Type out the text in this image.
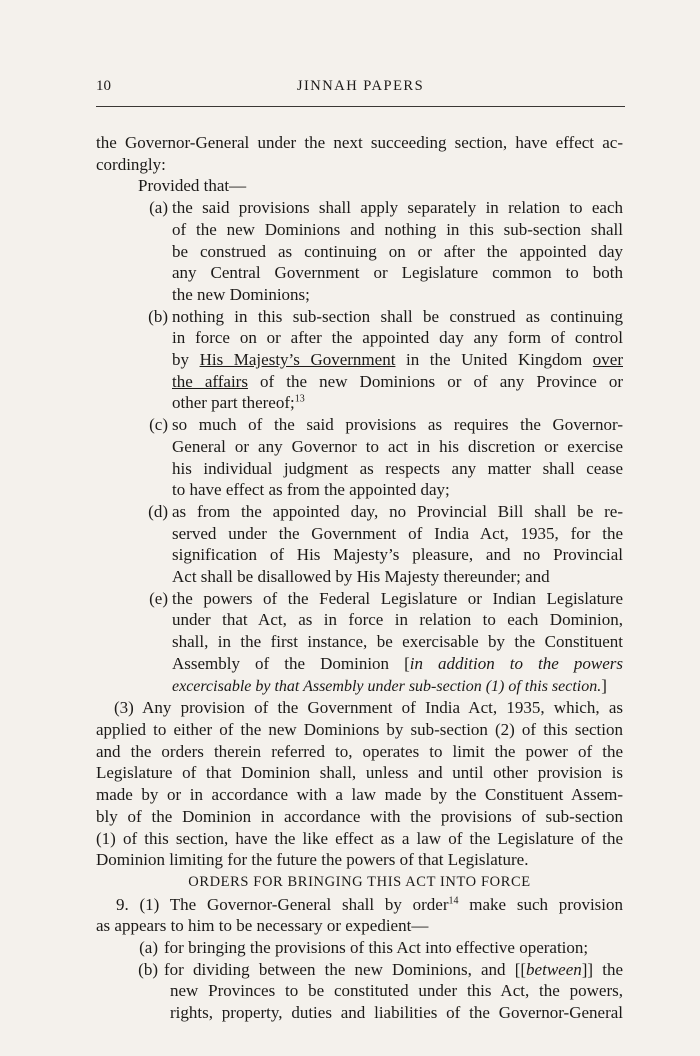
10	JINNAH PAPERS
the Governor-General under the next succeeding section, have effect ac-
cordingly:
Provided that—
(a) the said provisions shall apply separately in relation to each
of the new Dominions and nothing in this sub-section shall
be construed as continuing on or after the appointed day
any Central Government or Legislature common to both
the new Dominions;
(b) nothing in this sub-section shall be construed as continuing
in force on or after the appointed day any form of control
by His Majesty’s Government in the United Kingdom over
the affairs of the new Dominions or of any Province or
other part thereof;$^{13}$
(c) so much of the said provisions as requires the Governor-
General or any Governor to act in his discretion or exercise
his individual judgment as respects any matter shall cease
to have effect as from the appointed day;
(d) as from the appointed day, no Provincial Bill shall be re-
served under the Government of India Act, 1935, for the
signification of His Majesty’s pleasure, and no Provincial
Act shall be disallowed by His Majesty thereunder; and
(e) the powers of the Federal Legislature or Indian Legislature
under that Act, as in force in relation to each Dominion,
shall, in the first instance, be exercisable by the Constituent
Assembly of the Dominion [in addition to the powers
excercisable by that Assembly under sub-section (1) of this section.]
(3) Any provision of the Government of India Act, 1935, which, as
applied to either of the new Dominions by sub-section (2) of this section
and the orders therein referred to, operates to limit the power of the
Legislature of that Dominion shall, unless and until other provision is
made by or in accordance with a law made by the Constituent Assem-
bly of the Dominion in accordance with the provisions of sub-section
(1) of this section, have the like effect as a law of the Legislature of the
Dominion limiting for the future the powers of that Legislature.
ORDERS FOR BRINGING THIS ACT INTO FORCE
9. (1) The Governor-General shall by order$^{14}$ make such provision
as appears to him to be necessary or expedient—
(a) for bringing the provisions of this Act into effective operation;
(b) for dividing between the new Dominions, and [[between]] the
new Provinces to be constituted under this Act, the powers,
rights, property, duties and liabilities of the Governor-General
